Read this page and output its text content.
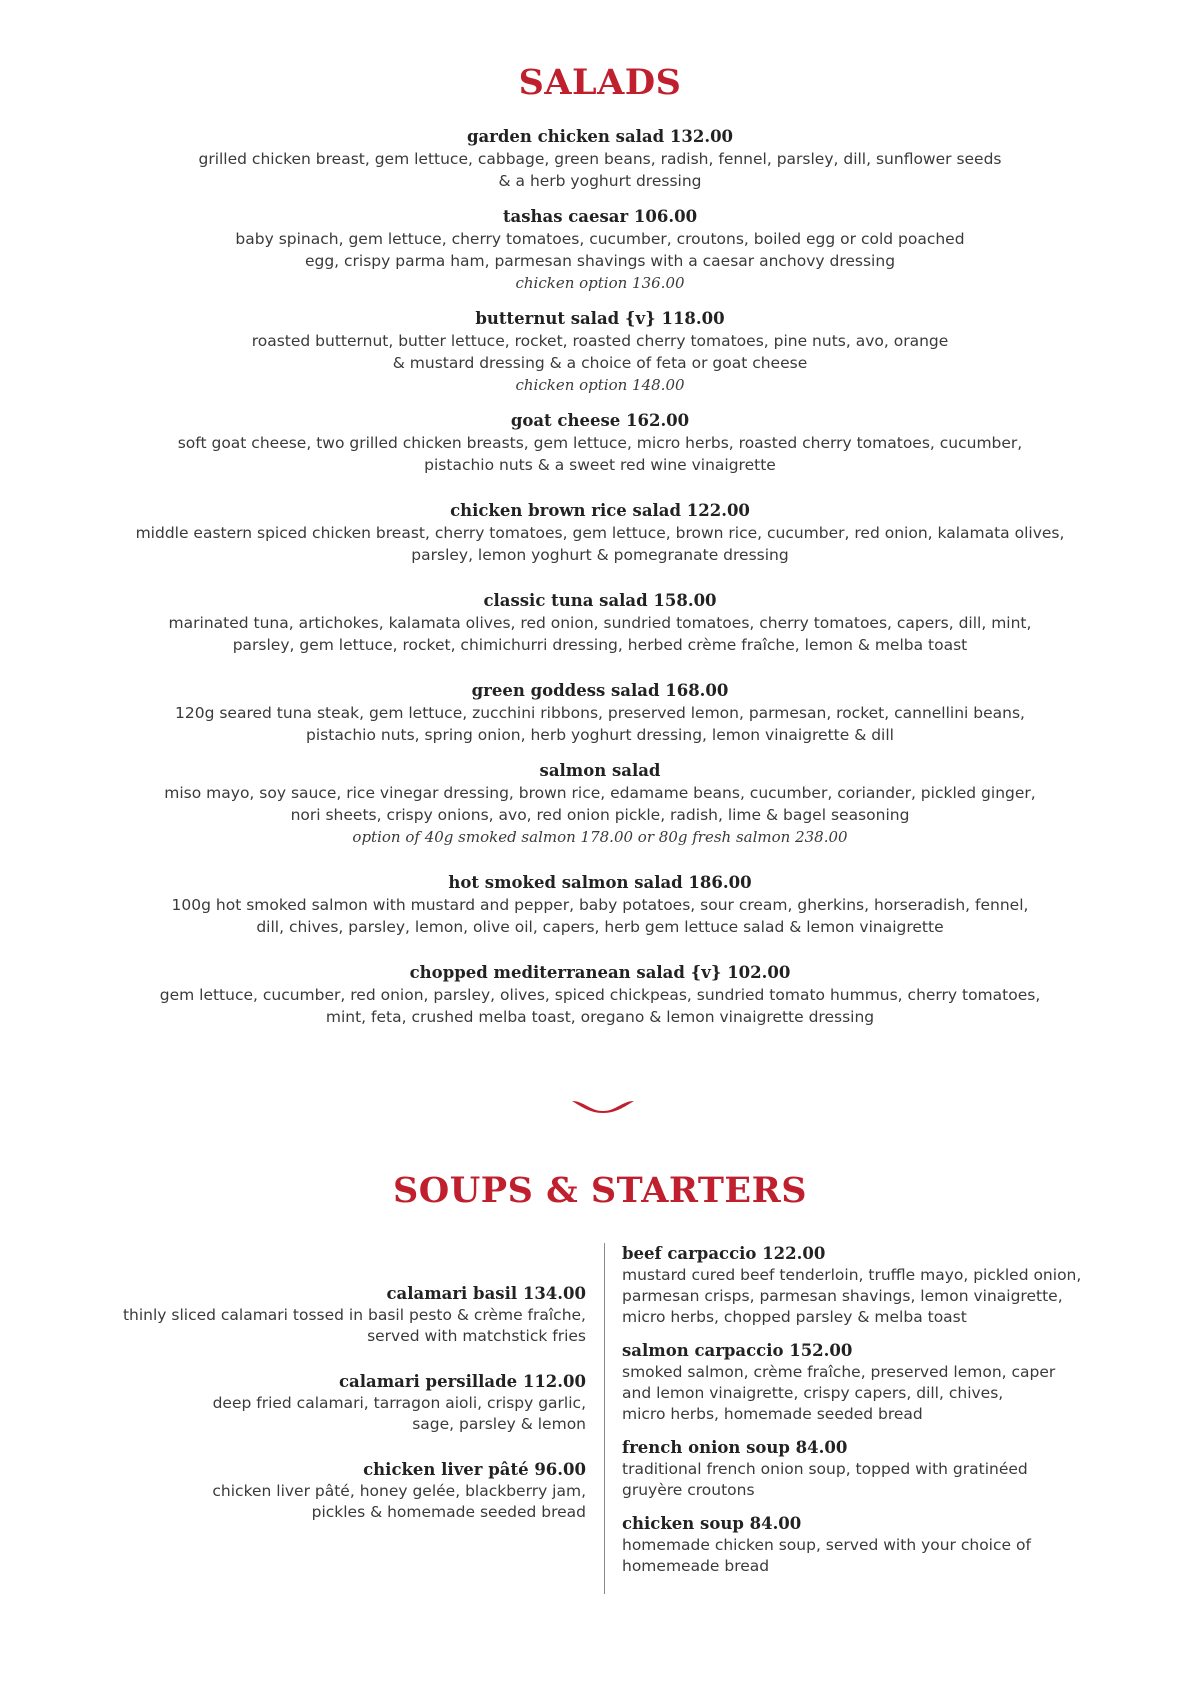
SALADS
garden chicken salad 132.00
grilled chicken breast, gem lettuce, cabbage, green beans, radish, fennel, parsley, dill, sunflower seeds
& a herb yoghurt dressing
tashas caesar 106.00
baby spinach, gem lettuce, cherry tomatoes, cucumber, croutons, boiled egg or cold poached
egg, crispy parma ham, parmesan shavings with a caesar anchovy dressing
chicken option 136.00
butternut salad {v} 118.00
roasted butternut, butter lettuce, rocket, roasted cherry tomatoes, pine nuts, avo, orange
& mustard dressing & a choice of feta or goat cheese
chicken option 148.00
goat cheese 162.00
soft goat cheese, two grilled chicken breasts, gem lettuce, micro herbs, roasted cherry tomatoes, cucumber,
pistachio nuts & a sweet red wine vinaigrette
chicken brown rice salad 122.00
middle eastern spiced chicken breast, cherry tomatoes, gem lettuce, brown rice, cucumber, red onion, kalamata olives,
parsley, lemon yoghurt & pomegranate dressing
classic tuna salad 158.00
marinated tuna, artichokes, kalamata olives, red onion, sundried tomatoes, cherry tomatoes, capers, dill, mint,
parsley, gem lettuce, rocket, chimichurri dressing, herbed crème fraîche, lemon & melba toast
green goddess salad 168.00
120g seared tuna steak, gem lettuce, zucchini ribbons, preserved lemon, parmesan, rocket, cannellini beans,
pistachio nuts, spring onion, herb yoghurt dressing, lemon vinaigrette & dill
salmon salad
miso mayo, soy sauce, rice vinegar dressing, brown rice, edamame beans, cucumber, coriander, pickled ginger,
nori sheets, crispy onions, avo, red onion pickle, radish, lime & bagel seasoning
option of 40g smoked salmon 178.00 or 80g fresh salmon 238.00
hot smoked salmon salad 186.00
100g hot smoked salmon with mustard and pepper, baby potatoes, sour cream, gherkins, horseradish, fennel,
dill, chives, parsley, lemon, olive oil, capers, herb gem lettuce salad & lemon vinaigrette
chopped mediterranean salad {v} 102.00
gem lettuce, cucumber, red onion, parsley, olives, spiced chickpeas, sundried tomato hummus, cherry tomatoes,
mint, feta, crushed melba toast, oregano & lemon vinaigrette dressing
SOUPS & STARTERS
calamari basil 134.00
thinly sliced calamari tossed in basil pesto & crème fraîche,
served with matchstick fries
calamari persillade 112.00
deep fried calamari, tarragon aioli, crispy garlic,
sage, parsley & lemon
chicken liver pâté 96.00
chicken liver pâté, honey gelée, blackberry jam,
pickles & homemade seeded bread
beef carpaccio 122.00
mustard cured beef tenderloin, truffle mayo, pickled onion,
parmesan crisps, parmesan shavings, lemon vinaigrette,
micro herbs, chopped parsley & melba toast
salmon carpaccio 152.00
smoked salmon, crème fraîche, preserved lemon, caper
and lemon vinaigrette, crispy capers, dill, chives,
micro herbs, homemade seeded bread
french onion soup 84.00
traditional french onion soup, topped with gratinéed
gruyère croutons
chicken soup 84.00
homemade chicken soup, served with your choice of
homemeade bread
